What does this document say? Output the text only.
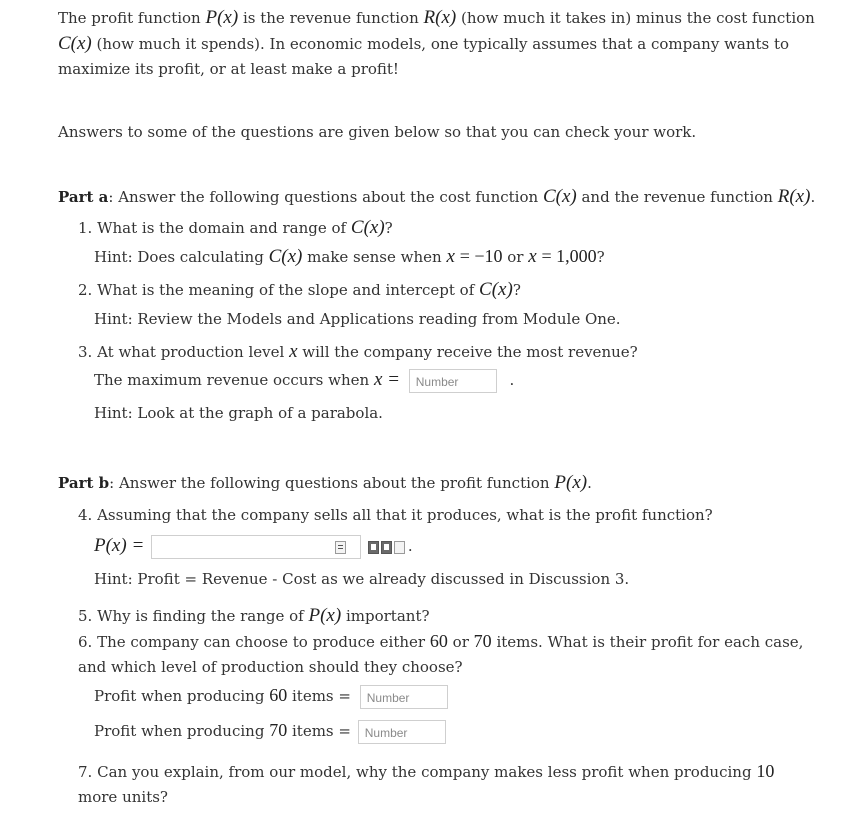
The profit function P(x) is the revenue function R(x) (how much it takes in) minus the cost function C(x) (how much it spends). In economic models, one typically assumes that a company wants to maximize its profit, or at least make a profit!
Answers to some of the questions are given below so that you can check your work.
Part a: Answer the following questions about the cost function C(x) and the revenue function R(x).
1. What is the domain and range of C(x)?
Hint: Does calculating C(x) make sense when x = −10 or x = 1,000?
2. What is the meaning of the slope and intercept of C(x)?
Hint: Review the Models and Applications reading from Module One.
3. At what production level x will the company receive the most revenue?
The maximum revenue occurs when x = Number	.
Hint: Look at the graph of a parabola.
Part b: Answer the following questions about the profit function P(x).
4. Assuming that the company sells all that it produces, what is the profit function?
P(x) =	.
Hint: Profit = Revenue - Cost as we already discussed in Discussion 3.
5. Why is finding the range of P(x) important?
6. The company can choose to produce either 60 or 70 items. What is their profit for each case, and which level of production should they choose?
Profit when producing 60 items = Number
Profit when producing 70 items = Number
7. Can you explain, from our model, why the company makes less profit when producing 10 more units?
